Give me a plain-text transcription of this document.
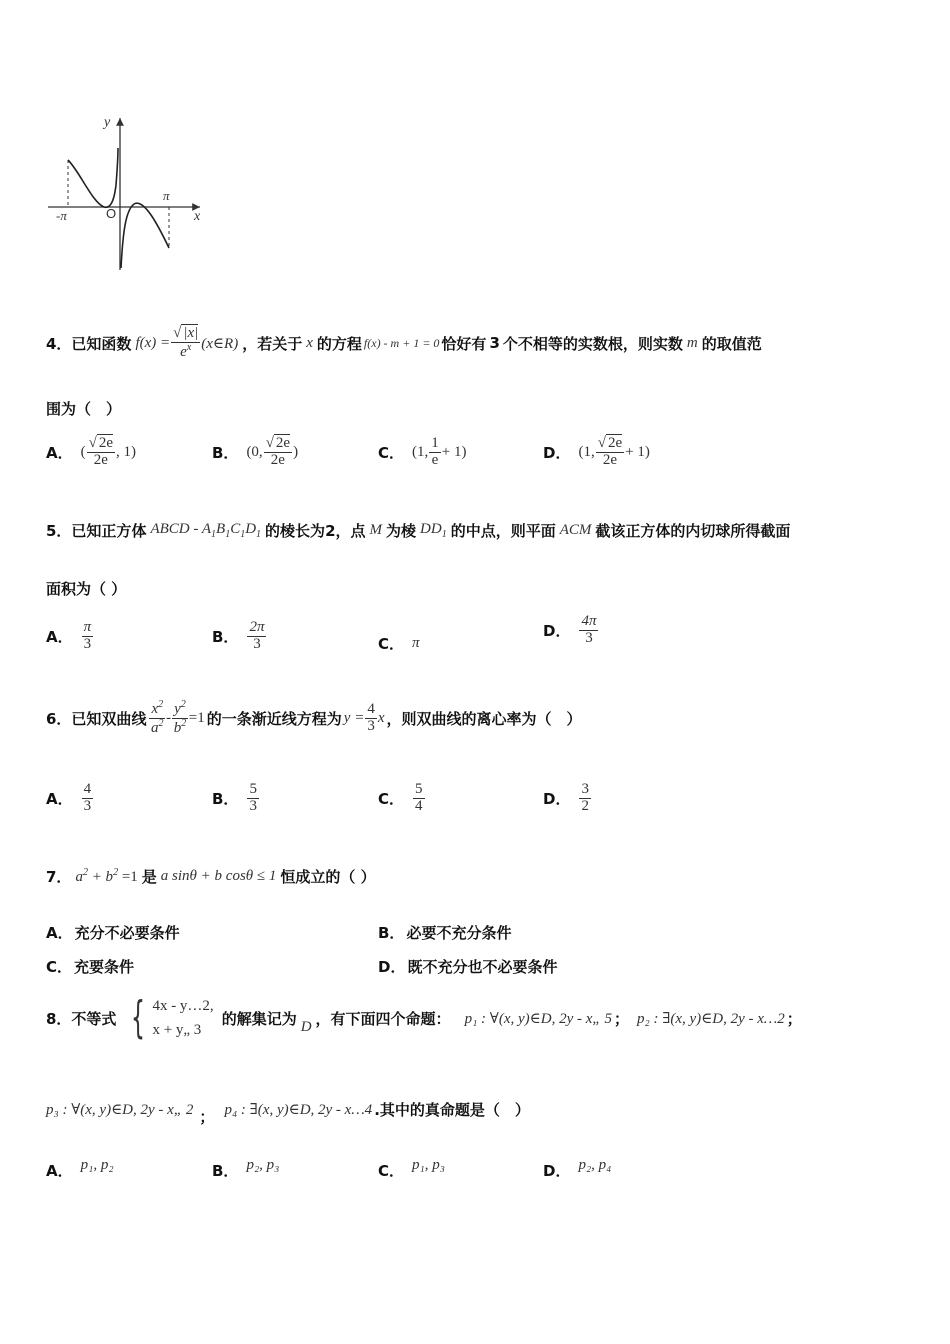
y
x
O
-π
π
4．已知函数 $f(x) = \frac{√ |x|}{e^x}$ (x∈R) ，若关于 x 的方程 f(x) - m + 1 = 0 恰好有 3 个不相等的实数根，则实数 m 的取值范
围为（　）
A． ( $\frac{√ 2e}{2e}$ , 1)	B． (0, $\frac{√ 2e}{2e}$ )	C． (1, $\frac{1}{e} + 1$)	D． (1, $\frac{√ 2e}{2e} + 1$)
5．已知正方体 ABCD - $A_1B_1C_1D_1$ 的棱长为 2 ，点 M 为棱 $DD_1$ 的中点，则平面 ACM 截该正方体的内切球所得截面
面积为（ ）
A． $\frac{\pi}{3}$	B． $\frac{2\pi}{3}$	C． π
D． $\frac{4\pi}{3}$
6．已知双曲线 $\frac{x^2}{a^2} - \frac{y^2}{b^2} =1$ 的一条渐近线方程为 $y = \frac{4}{3}$ x ，则双曲线的离心率为（　）
A． $\frac{4}{3}$	B． $\frac{5}{3}$	C． $\frac{5}{4}$	D． $\frac{3}{2}$
7． $a^2 + b^2 =1$ 是 a sinθ + b cosθ ≤ 1 恒成立的（ ）
A． 充分不必要条件	B． 必要不充分条件
C． 充要条件	D． 既不充分也不必要条件
8．不等式 { 4x - y…2,
x + y„ 3
的解集记为 D ，有下面四个命题： p₁ : ∀(x, y)∈D, 2y - x„ 5 ； p₂ : ∃(x, y)∈D, 2y - x…2 ；
p₃ : ∀(x, y)∈D, 2y - x„ 2 ； p₄ : ∃(x, y)∈D, 2y - x…4 .其中的真命题是（　）
A． p₁, p₂	B． p₂, p₃	C． p₁, p₃	D． p₂, p₄
